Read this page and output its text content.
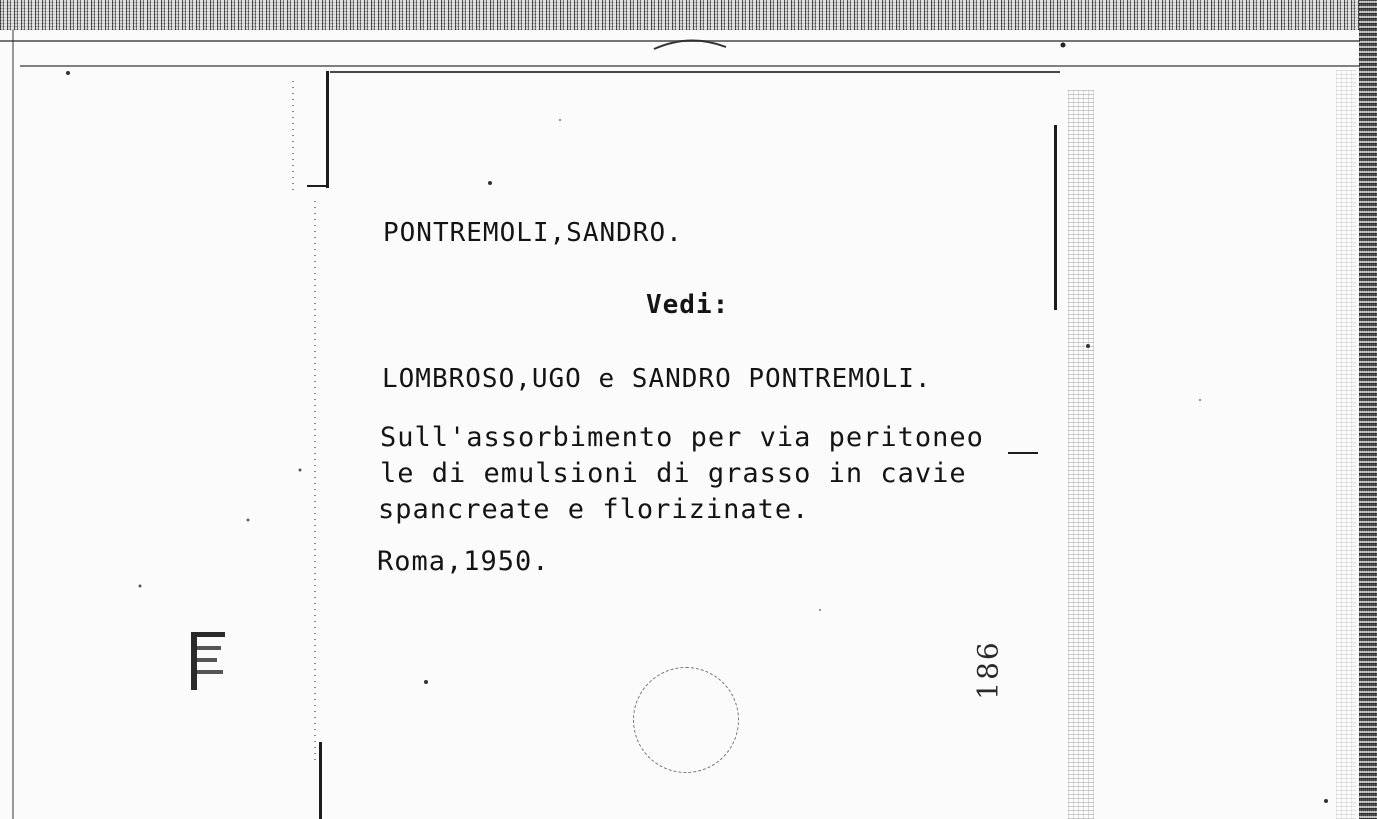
PONTREMOLI,SANDRO.
Vedi:
LOMBROSO,UGO e SANDRO PONTREMOLI.
Sull'assorbimento per via peritoneo
le di emulsioni di grasso in cavie
spancreate e florizinate.
Roma,1950.
186
